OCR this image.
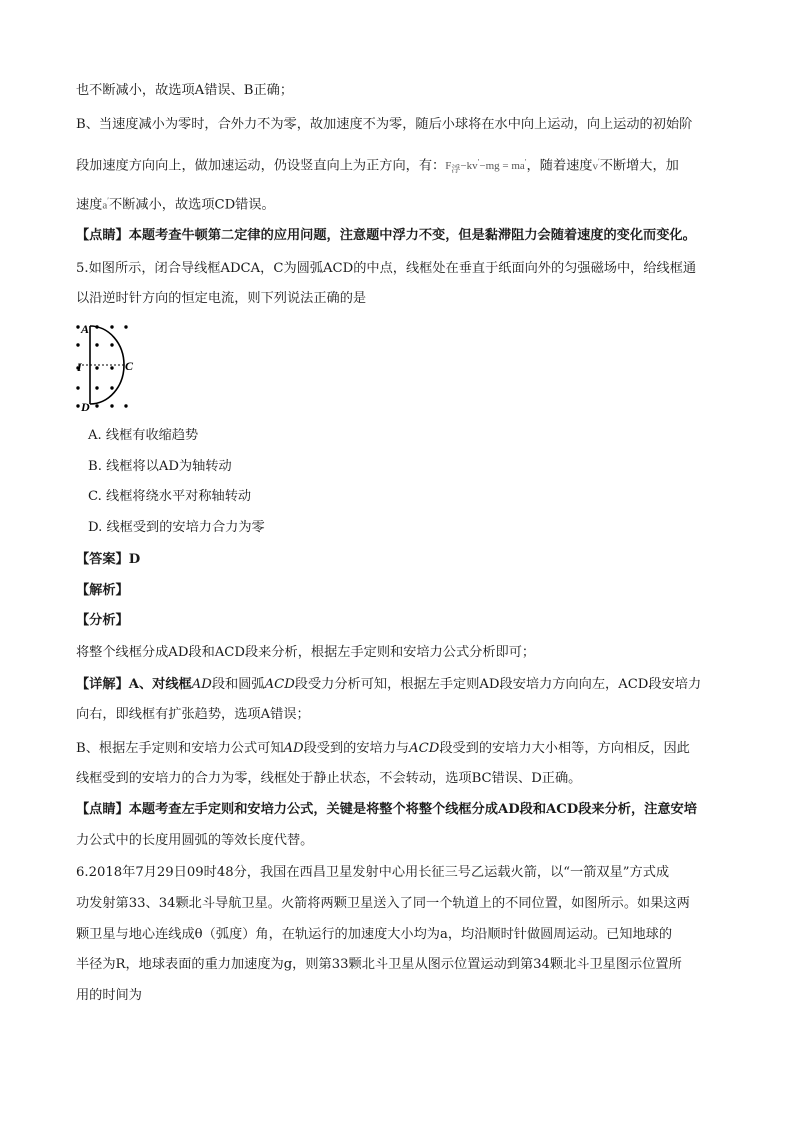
也不断减小，故选项A错误、B正确；
B、当速度减小为零时，合外力不为零，故加速度不为零，随后小球将在水中向上运动，向上运动的初始阶
段加速度方向向上，做加速运动，仍设竖直向上为正方向，有：$F_浮-kv'-mg = ma'$，随着速度v′不断增大，加
速度a′不断减小，故选项CD错误。
【点睛】本题考查牛顿第二定律的应用问题，注意题中浮力不变，但是黏滞阻力会随着速度的变化而变化。
5.如图所示，闭合导线框ADCA，C为圆弧ACD的中点，线框处在垂直于纸面向外的匀强磁场中，给线框通
以沿逆时针方向的恒定电流，则下列说法正确的是
A
C
D
I
A. 线框有收缩趋势
B. 线框将以AD为轴转动
C. 线框将绕水平对称轴转动
D. 线框受到的安培力合力为零
【答案】D
【解析】
【分析】
将整个线框分成AD段和ACD段来分析，根据左手定则和安培力公式分析即可；
【详解】A、对线框AD段和圆弧ACD段受力分析可知，根据左手定则AD段安培力方向向左，ACD段安培力
向右，即线框有扩张趋势，选项A错误；
B、根据左手定则和安培力公式可知AD段受到的安培力与ACD段受到的安培力大小相等，方向相反，因此
线框受到的安培力的合力为零，线框处于静止状态，不会转动，选项BC错误、D正确。
【点睛】本题考查左手定则和安培力公式，关键是将整个将整个线框分成AD段和ACD段来分析，注意安培
力公式中的长度用圆弧的等效长度代替。
6.2018年7月29日09时48分，我国在西昌卫星发射中心用长征三号乙运载火箭，以“一箭双星”方式成
功发射第33、34颗北斗导航卫星。火箭将两颗卫星送入了同一个轨道上的不同位置，如图所示。如果这两
颗卫星与地心连线成θ（弧度）角，在轨运行的加速度大小均为a，均沿顺时针做圆周运动。已知地球的
半径为R，地球表面的重力加速度为g，则第33颗北斗卫星从图示位置运动到第34颗北斗卫星图示位置所
用的时间为
